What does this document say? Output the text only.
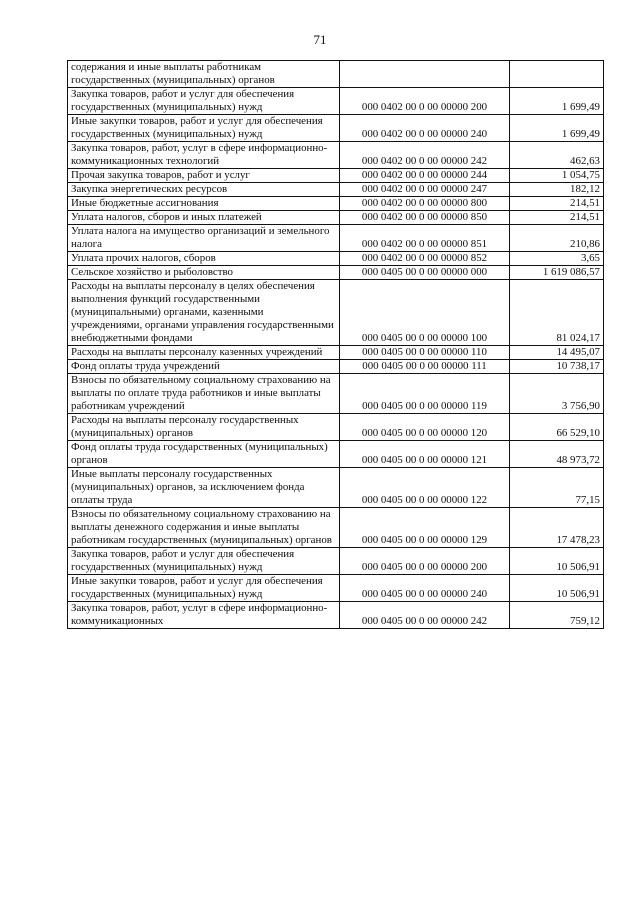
71
содержания и иные выплаты работникам государственных (муниципальных) органов		
Закупка товаров, работ и услуг для обеспечения государственных (муниципальных) нужд	000 0402 00 0 00 00000 200	1 699,49
Иные закупки товаров, работ и услуг для обеспечения государственных (муниципальных) нужд	000 0402 00 0 00 00000 240	1 699,49
Закупка товаров, работ, услуг в сфере информационно-коммуникационных технологий	000 0402 00 0 00 00000 242	462,63
Прочая закупка товаров, работ и услуг	000 0402 00 0 00 00000 244	1 054,75
Закупка энергетических ресурсов	000 0402 00 0 00 00000 247	182,12
Иные бюджетные ассигнования	000 0402 00 0 00 00000 800	214,51
Уплата налогов, сборов и иных платежей	000 0402 00 0 00 00000 850	214,51
Уплата налога на имущество организаций и земельного налога	000 0402 00 0 00 00000 851	210,86
Уплата прочих налогов, сборов	000 0402 00 0 00 00000 852	3,65
Сельское хозяйство и рыболовство	000 0405 00 0 00 00000 000	1 619 086,57
Расходы на выплаты персоналу в целях обеспечения выполнения функций государственными (муниципальными) органами, казенными учреждениями, органами управления государственными внебюджетными фондами	000 0405 00 0 00 00000 100	81 024,17
Расходы на выплаты персоналу казенных учреждений	000 0405 00 0 00 00000 110	14 495,07
Фонд оплаты труда учреждений	000 0405 00 0 00 00000 111	10 738,17
Взносы по обязательному социальному страхованию на выплаты по оплате труда работников и иные выплаты работникам учреждений	000 0405 00 0 00 00000 119	3 756,90
Расходы на выплаты персоналу государственных (муниципальных) органов	000 0405 00 0 00 00000 120	66 529,10
Фонд оплаты труда государственных (муниципальных) органов	000 0405 00 0 00 00000 121	48 973,72
Иные выплаты персоналу государственных (муниципальных) органов, за исключением фонда оплаты труда	000 0405 00 0 00 00000 122	77,15
Взносы по обязательному социальному страхованию на выплаты денежного содержания и иные выплаты работникам государственных (муниципальных) органов	000 0405 00 0 00 00000 129	17 478,23
Закупка товаров, работ и услуг для обеспечения государственных (муниципальных) нужд	000 0405 00 0 00 00000 200	10 506,91
Иные закупки товаров, работ и услуг для обеспечения государственных (муниципальных) нужд	000 0405 00 0 00 00000 240	10 506,91
Закупка товаров, работ, услуг в сфере информационно-коммуникационных	000 0405 00 0 00 00000 242	759,12
